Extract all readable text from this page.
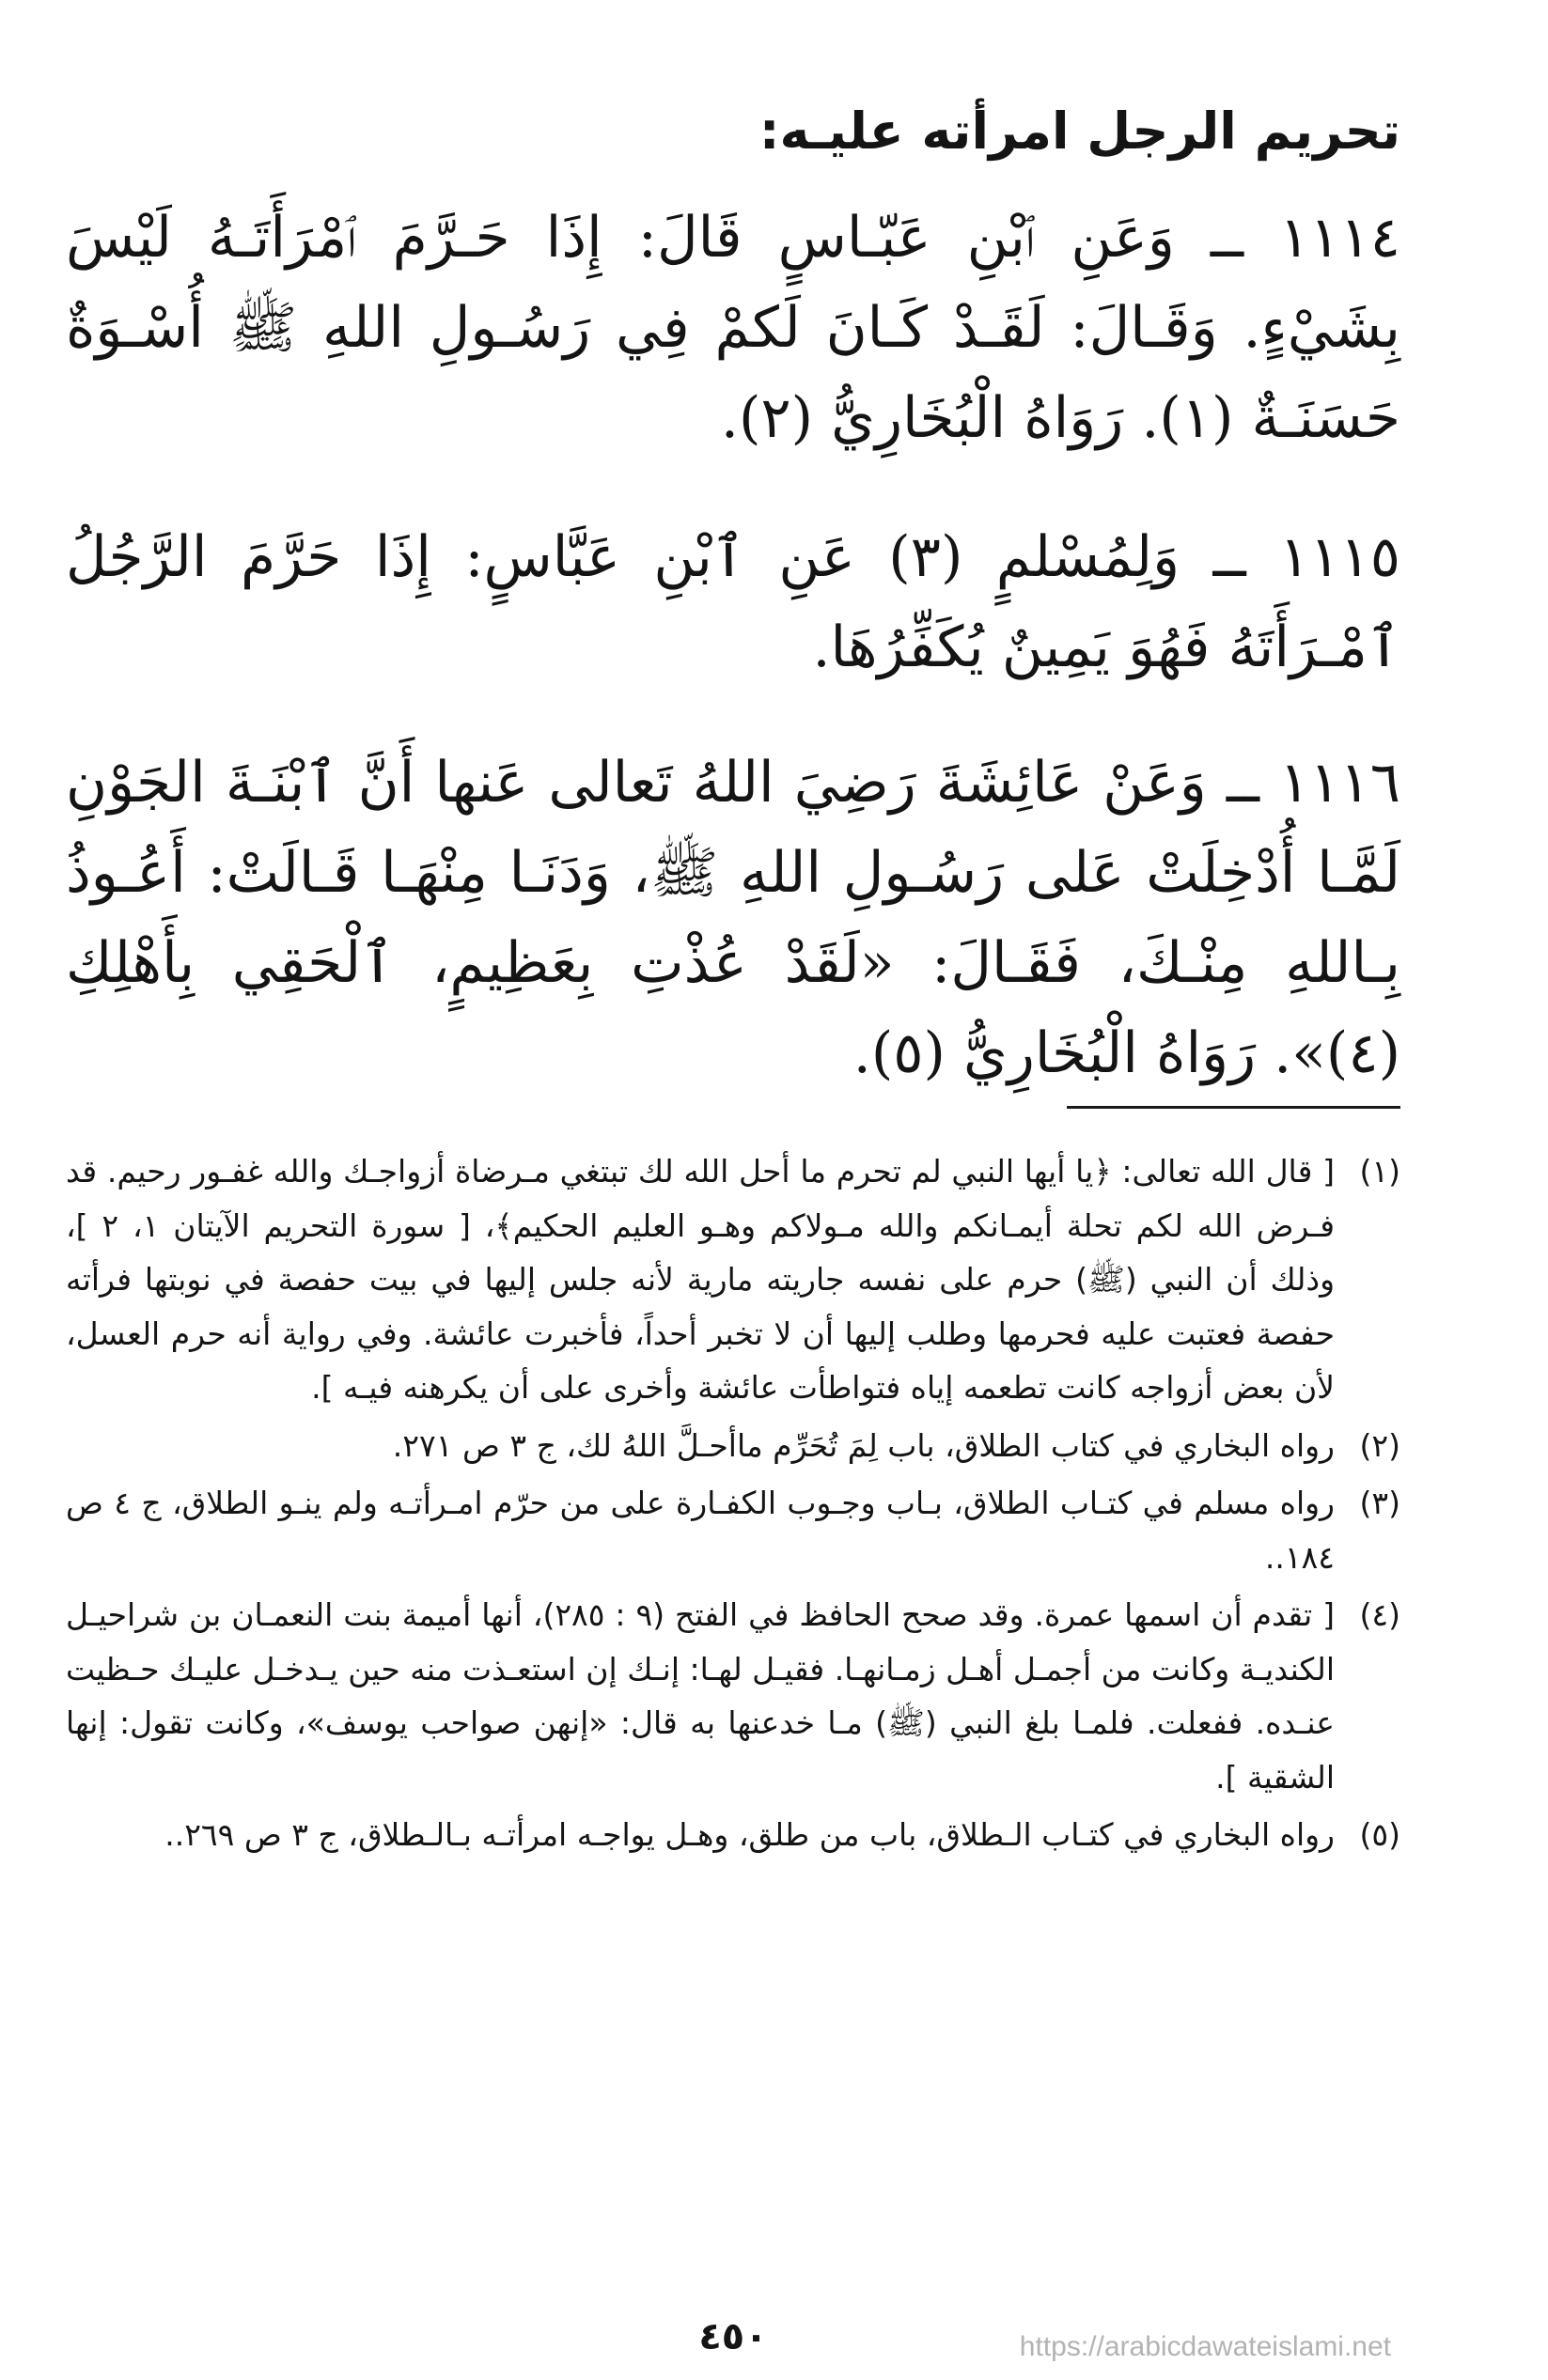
تحريم الرجل امرأته عليـه:
١١١٤ ــ وَعَنِ ٱبْنِ عَبّـاسٍ قَالَ: إِذَا حَـرَّمَ ٱمْرَأَتَـهُ لَيْسَ بِشَيْءٍ. وَقَـالَ: لَقَـدْ كَـانَ لَكمْ فِي رَسُـولِ اللهِ ﷺ أُسْـوَةٌ حَسَنَـةٌ (١). رَوَاهُ الْبُخَارِيُّ (٢).
١١١٥ ــ وَلِمُسْلمٍ (٣) عَنِ ٱبْنِ عَبَّاسٍ: إِذَا حَرَّمَ الرَّجُلُ ٱمْـرَأَتَهُ فَهُوَ يَمِينٌ يُكَفِّرُهَا.
١١١٦ ــ وَعَنْ عَائِشَةَ رَضِيَ اللهُ تَعالى عَنها أَنَّ ٱبْنَـةَ الجَوْنِ لَمَّـا أُدْخِلَتْ عَلى رَسُـولِ اللهِ ﷺ، وَدَنَـا مِنْهَـا قَـالَتْ: أَعُـوذُ بِـاللهِ مِنْـكَ، فَقَـالَ: «لَقَدْ عُذْتِ بِعَظِيمٍ، ٱلْحَقِي بِأَهْلِكِ (٤)». رَوَاهُ الْبُخَارِيُّ (٥).
(١)
[ قال الله تعالى: ﴿يا أيها النبي لم تحرم ما أحل الله لك تبتغي مـرضاة أزواجـك والله غفـور رحيم. قد فـرض الله لكم تحلة أيمـانكم والله مـولاكم وهـو العليم الحكيم﴾، [ سورة التحريم الآيتان ١، ٢ ]، وذلك أن النبي (ﷺ) حرم على نفسه جاريته مارية لأنه جلس إليها في بيت حفصة في نوبتها فرأته حفصة فعتبت عليه فحرمها وطلب إليها أن لا تخبر أحداً، فأخبرت عائشة. وفي رواية أنه حرم العسل، لأن بعض أزواجه كانت تطعمه إياه فتواطأت عائشة وأخرى على أن يكرهنه فيـه ].
(٢)
رواه البخاري في كتاب الطلاق، باب لِمَ تُحَرِّم ماأحـلَّ اللهُ لك، ج ٣ ص ٢٧١.
(٣)
رواه مسلم في كتـاب الطلاق، بـاب وجـوب الكفـارة على من حرّم امـرأتـه ولم ينـو الطلاق، ج ٤ ص ١٨٤..
(٤)
[ تقدم أن اسمها عمرة. وقد صحح الحافظ في الفتح (٩ : ٢٨٥)، أنها أميمة بنت النعمـان بن شراحيـل الكنديـة وكانت من أجمـل أهـل زمـانهـا. فقيـل لهـا: إنـك إن استعـذت منه حين يـدخـل عليـك حـظيت عنـده. ففعلت. فلمـا بلغ النبي (ﷺ) مـا خدعنها به قال: «إنهن صواحب يوسف»، وكانت تقول: إنها الشقية ].
(٥)
رواه البخاري في كتـاب الـطلاق، باب من طلق، وهـل يواجـه امرأتـه بـالـطلاق، ج ٣ ص ٢٦٩..
٤٥٠	https://arabicdawateislami.net
